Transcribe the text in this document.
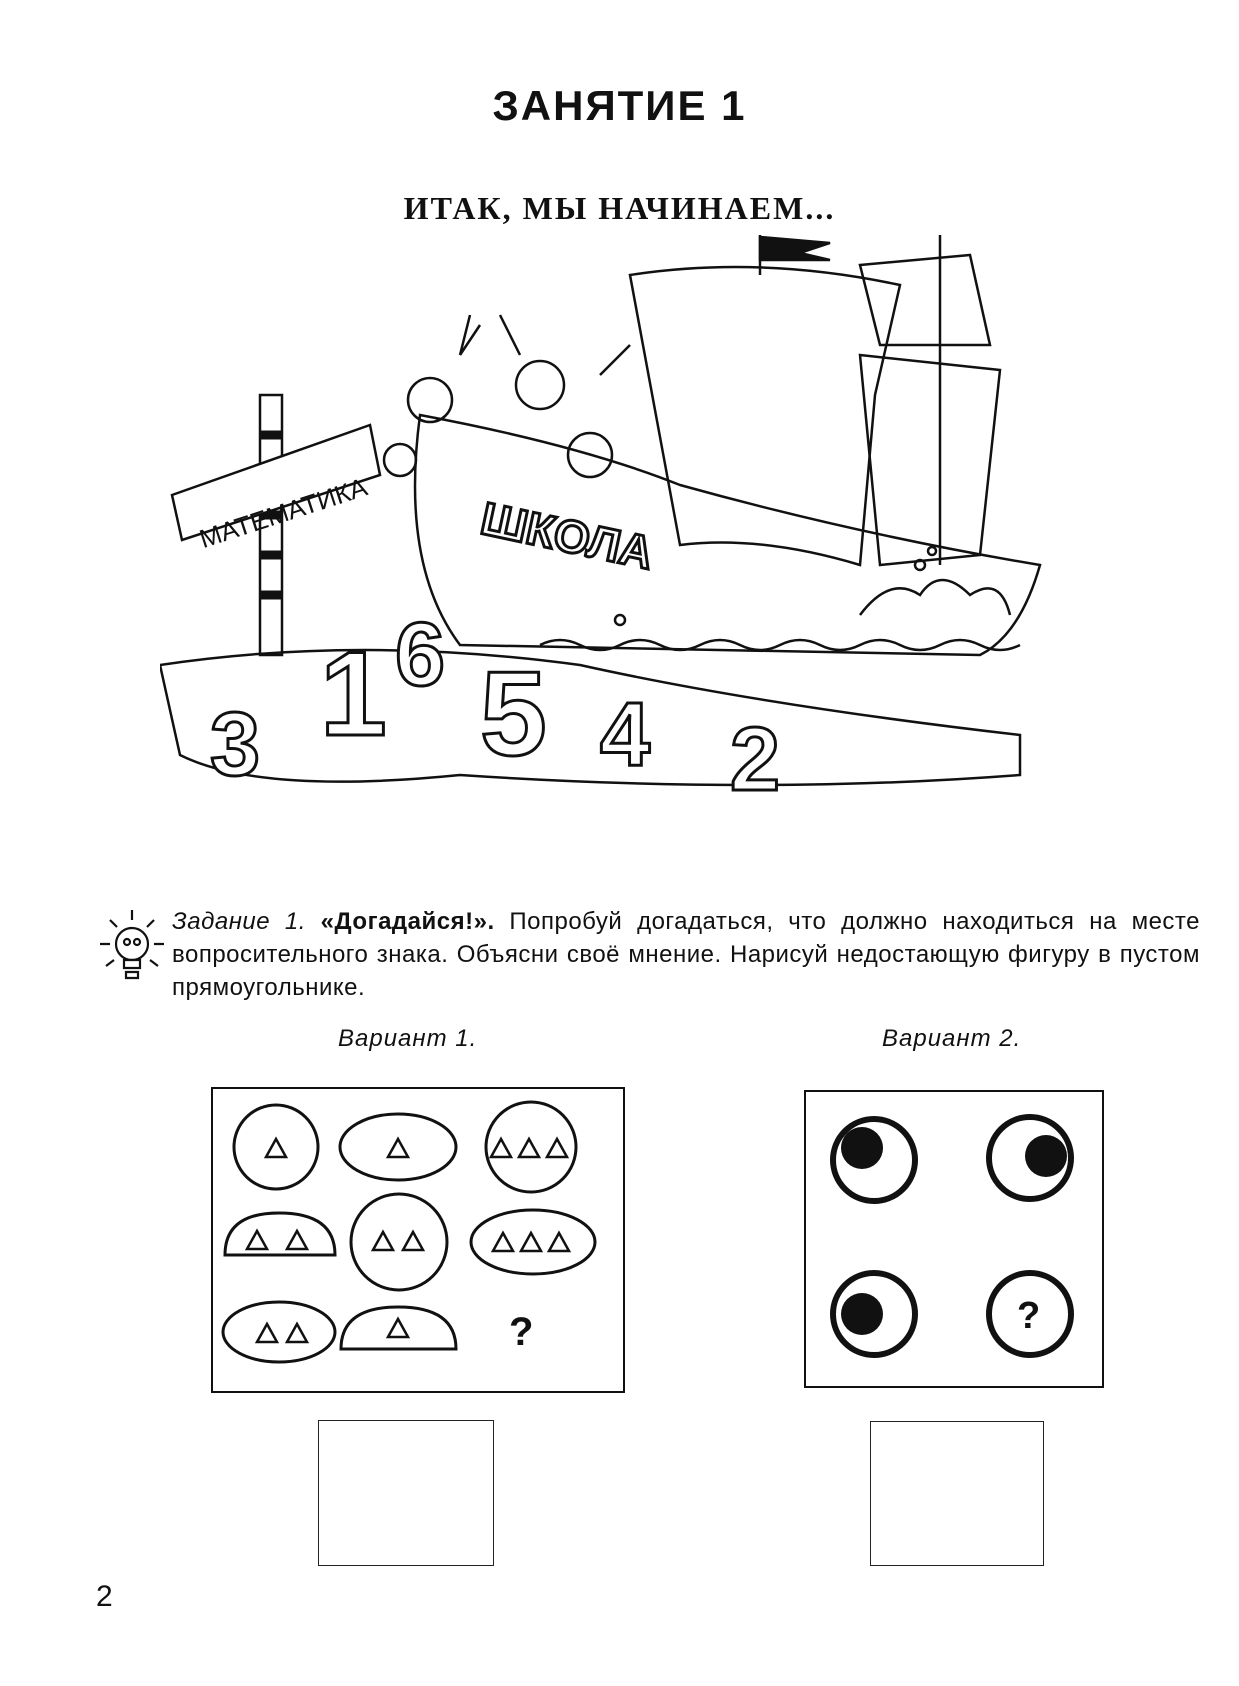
ЗАНЯТИЕ 1
ИТАК, МЫ НАЧИНАЕМ...
ШКОЛА
МАТЕМАТИКА
3 1 6 5 4 2
Задание 1. «Догадайся!». Попробуй догадаться, что должно находиться на месте вопросительного знака. Объясни своё мнение. Нарисуй недостающую фигуру в пустом прямоугольнике.
Вариант 1.	Вариант 2.
?	?
2
